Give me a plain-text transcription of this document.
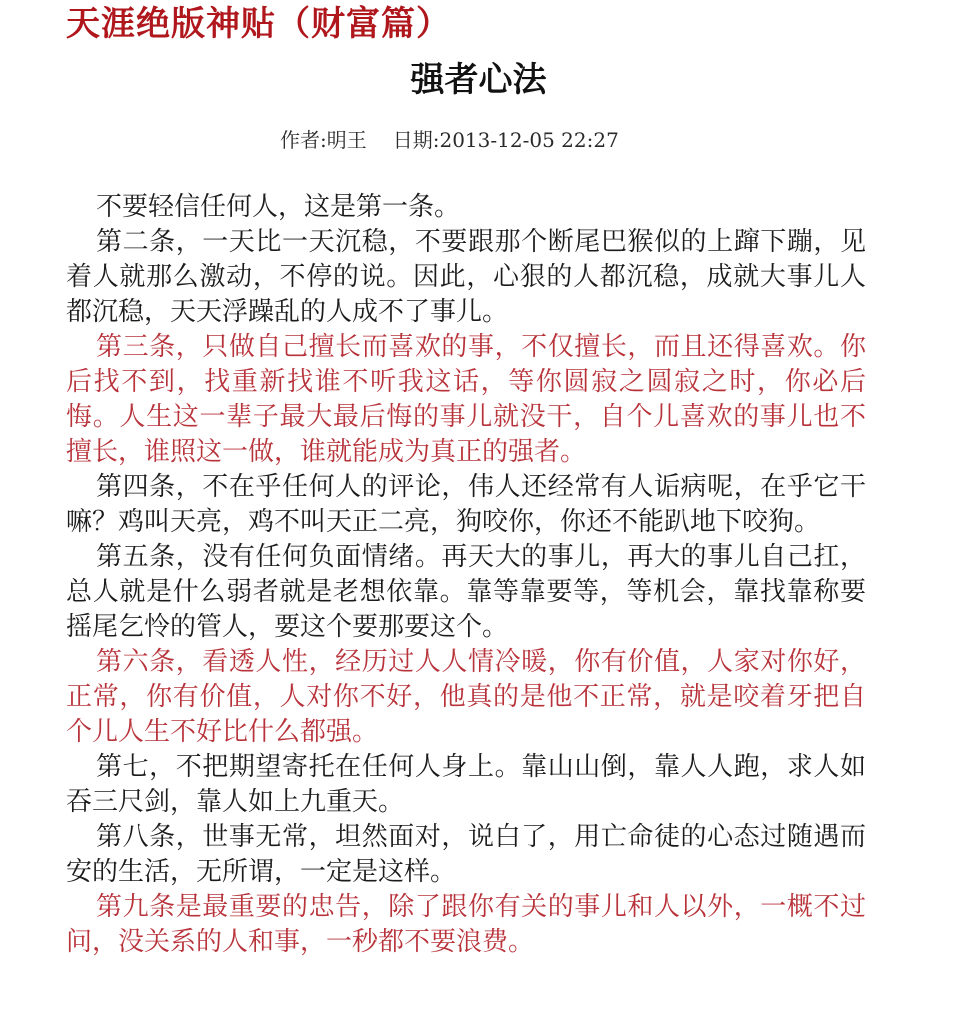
天涯绝版神贴（财富篇）
强者心法
作者:明王 日期:2013-12-05 22:27

不要轻信任何人，这是第一条。

第二条，一天比一天沉稳，不要跟那个断尾巴猴似的上蹿下蹦，见着人就那么激动，不停的说。因此，心狠的人都沉稳，成就大事儿人都沉稳，天天浮躁乱的人成不了事儿。

第三条，只做自己擅长而喜欢的事，不仅擅长，而且还得喜欢。你后找不到，找重新找谁不听我这话，等你圆寂之圆寂之时，你必后悔。人生这一辈子最大最后悔的事儿就没干，自个儿喜欢的事儿也不擅长，谁照这一做，谁就能成为真正的强者。

第四条，不在乎任何人的评论，伟人还经常有人诟病呢，在乎它干嘛？鸡叫天亮，鸡不叫天正二亮，狗咬你，你还不能趴地下咬狗。

第五条，没有任何负面情绪。再天大的事儿，再大的事儿自己扛，总人就是什么弱者就是老想依靠。靠等靠要等，等机会，靠找靠称要摇尾乞怜的管人，要这个要那要这个。

第六条，看透人性，经历过人人情冷暖，你有价值，人家对你好，正常，你有价值，人对你不好，他真的是他不正常，就是咬着牙把自个儿人生不好比什么都强。

第七，不把期望寄托在任何人身上。靠山山倒，靠人人跑，求人如吞三尺剑，靠人如上九重天。

第八条，世事无常，坦然面对，说白了，用亡命徒的心态过随遇而安的生活，无所谓，一定是这样。

第九条是最重要的忠告，除了跟你有关的事儿和人以外，一概不过问，没关系的人和事，一秒都不要浪费。
